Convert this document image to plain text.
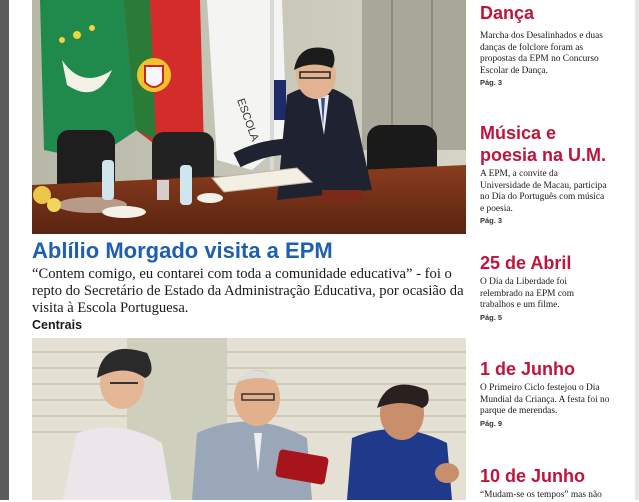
ESCOLA PO
Ablílio Morgado visita a EPM
“Contem comigo, eu contarei com toda a comunidade educativa” - foi o repto do Secretário de Estado da Administração Educativa, por ocasião da visita à Escola Portuguesa.
Centrais
Dança
Marcha dos Desalinhados e duas danças de folclore foram as propostas da EPM no Concurso Escolar de Dança.
Pág. 3
Música e poesia na U.M.
A EPM, a convite da Universidade de Macau, participa no Dia do Português com música e poesia.
Pág. 3
25 de Abril
O Dia da Liberdade foi relembrado na EPM com trabalhos e um filme.
Pág. 5
1 de Junho
O Primeiro Ciclo festejou o Dia Mundial da Criança. A festa foi no parque de merendas.
Pág. 9
10 de Junho
“Mudam-se os tempos” mas não
